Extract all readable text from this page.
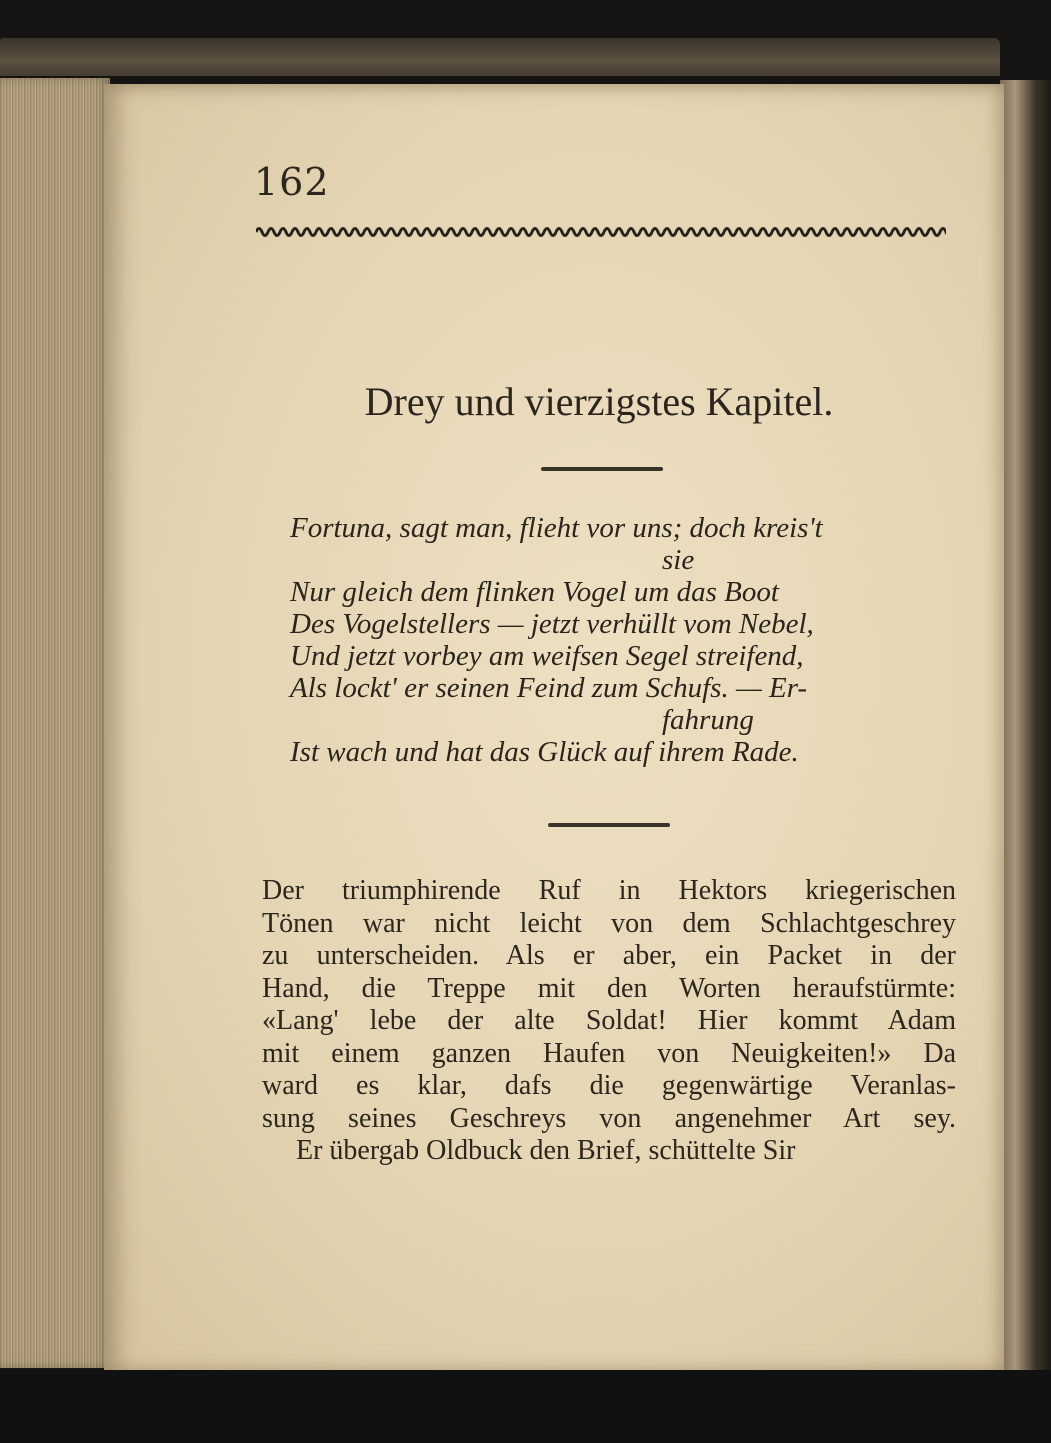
162
Drey und vierzigstes Kapitel.
Fortuna, sagt man, flieht vor uns; doch kreis't
sie
Nur gleich dem flinken Vogel um das Boot
Des Vogelstellers — jetzt verhüllt vom Nebel,
Und jetzt vorbey am weifsen Segel streifend,
Als lockt' er seinen Feind zum Schufs. — Er-
fahrung
Ist wach und hat das Glück auf ihrem Rade.
Der triumphirende Ruf in Hektors kriegerischen
Tönen war nicht leicht von dem Schlachtgeschrey
zu unterscheiden. Als er aber, ein Packet in der
Hand, die Treppe mit den Worten heraufstürmte:
«Lang' lebe der alte Soldat! Hier kommt Adam
mit einem ganzen Haufen von Neuigkeiten!» Da
ward es klar, dafs die gegenwärtige Veranlas-
sung seines Geschreys von angenehmer Art sey.
Er übergab Oldbuck den Brief, schüttelte Sir
